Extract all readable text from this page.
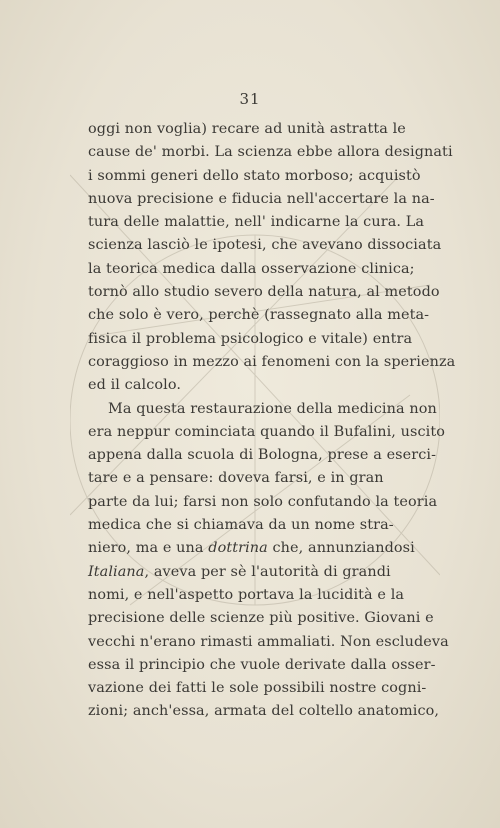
31
oggi non voglia) recare ad unità astratta le
cause de' morbi. La scienza ebbe allora designati
i sommi generi dello stato morboso; acquistò
nuova precisione e fiducia nell'accertare la na-
tura delle malattie, nell' indicarne la cura. La
scienza lasciò le ipotesi, che avevano dissociata
la teorica medica dalla osservazione clinica;
tornò allo studio severo della natura, al metodo
che solo è vero, perchè (rassegnato alla meta-
fisica il problema psicologico e vitale) entra
coraggioso in mezzo ai fenomeni con la sperienza
ed il calcolo.
Ma questa restaurazione della medicina non
era neppur cominciata quando il Bufalini, uscito
appena dalla scuola di Bologna, prese a eserci-
tare e a pensare: doveva farsi, e in gran
parte da lui; farsi non solo confutando la teoria
medica che si chiamava da un nome stra-
niero, ma e una dottrina che, annunziandosi
Italiana, aveva per sè l'autorità di grandi
nomi, e nell'aspetto portava la lucidità e la
precisione delle scienze più positive. Giovani e
vecchi n'erano rimasti ammaliati. Non escludeva
essa il principio che vuole derivate dalla osser-
vazione dei fatti le sole possibili nostre cogni-
zioni; anch'essa, armata del coltello anatomico,
